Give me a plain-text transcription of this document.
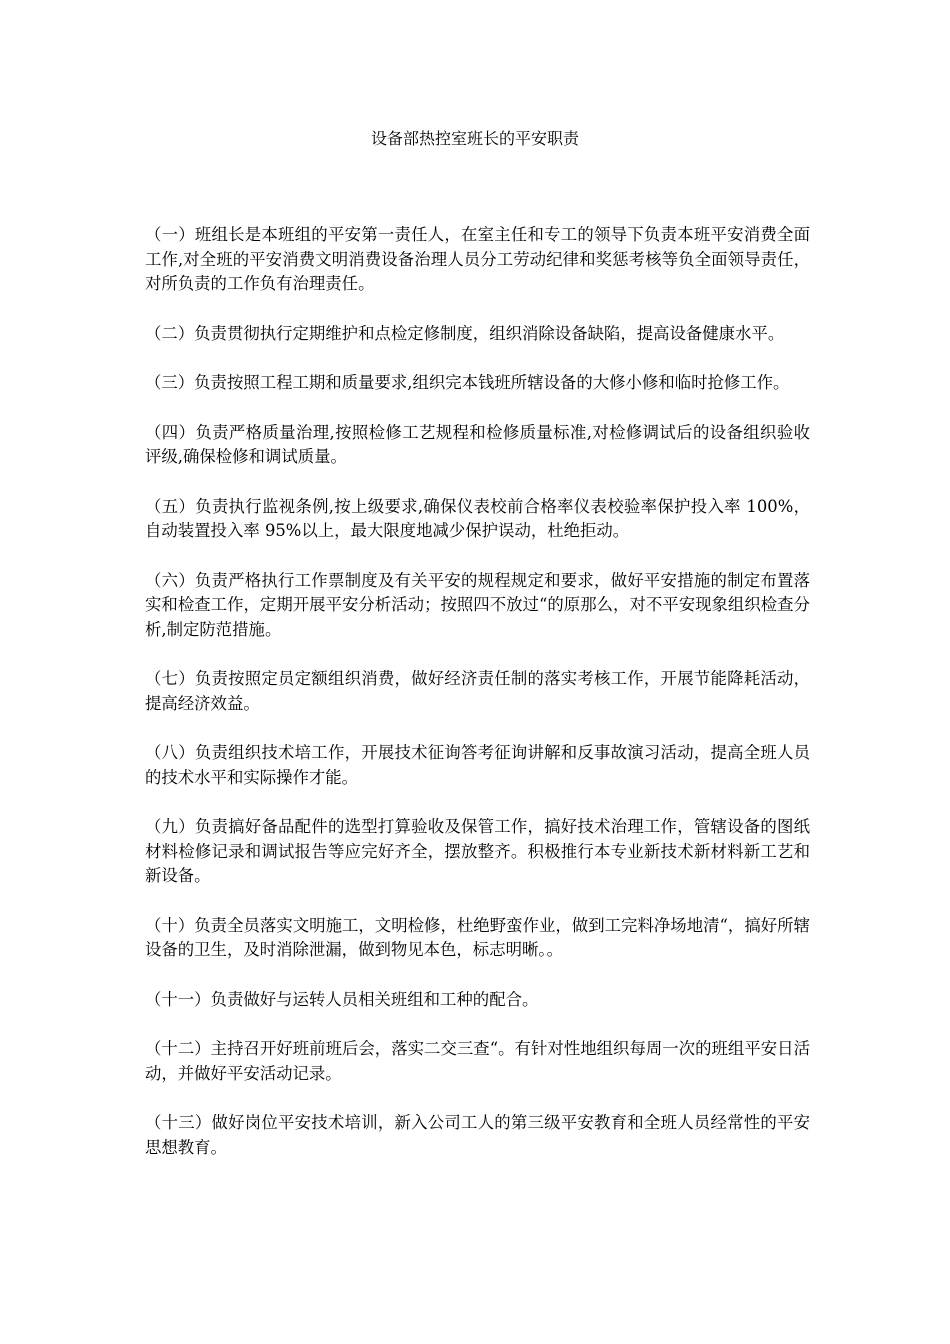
设备部热控室班长的平安职责

（一）班组长是本班组的平安第一责任人，在室主任和专工的领导下负责本班平安消费全面工作,对全班的平安消费文明消费设备治理人员分工劳动纪律和奖惩考核等负全面领导责任，对所负责的工作负有治理责任。

（二）负责贯彻执行定期维护和点检定修制度，组织消除设备缺陷，提高设备健康水平。

（三）负责按照工程工期和质量要求,组织完本钱班所辖设备的大修小修和临时抢修工作。

（四）负责严格质量治理,按照检修工艺规程和检修质量标准,对检修调试后的设备组织验收评级,确保检修和调试质量。

（五）负责执行监视条例,按上级要求,确保仪表校前合格率仪表校验率保护投入率 100%，自动装置投入率 95%以上，最大限度地减少保护误动，杜绝拒动。

（六）负责严格执行工作票制度及有关平安的规程规定和要求，做好平安措施的制定布置落实和检查工作，定期开展平安分析活动；按照四不放过“的原那么，对不平安现象组织检查分析,制定防范措施。

（七）负责按照定员定额组织消费，做好经济责任制的落实考核工作，开展节能降耗活动，提高经济效益。

（八）负责组织技术培工作，开展技术征询答考征询讲解和反事故演习活动，提高全班人员的技术水平和实际操作才能。

（九）负责搞好备品配件的选型打算验收及保管工作，搞好技术治理工作，管辖设备的图纸材料检修记录和调试报告等应完好齐全，摆放整齐。积极推行本专业新技术新材料新工艺和新设备。

（十）负责全员落实文明施工，文明检修，杜绝野蛮作业，做到工完料净场地清“，搞好所辖设备的卫生，及时消除泄漏，做到物见本色，标志明晰。。

（十一）负责做好与运转人员相关班组和工种的配合。

（十二）主持召开好班前班后会，落实二交三查“。有针对性地组织每周一次的班组平安日活动，并做好平安活动记录。

（十三）做好岗位平安技术培训，新入公司工人的第三级平安教育和全班人员经常性的平安思想教育。
